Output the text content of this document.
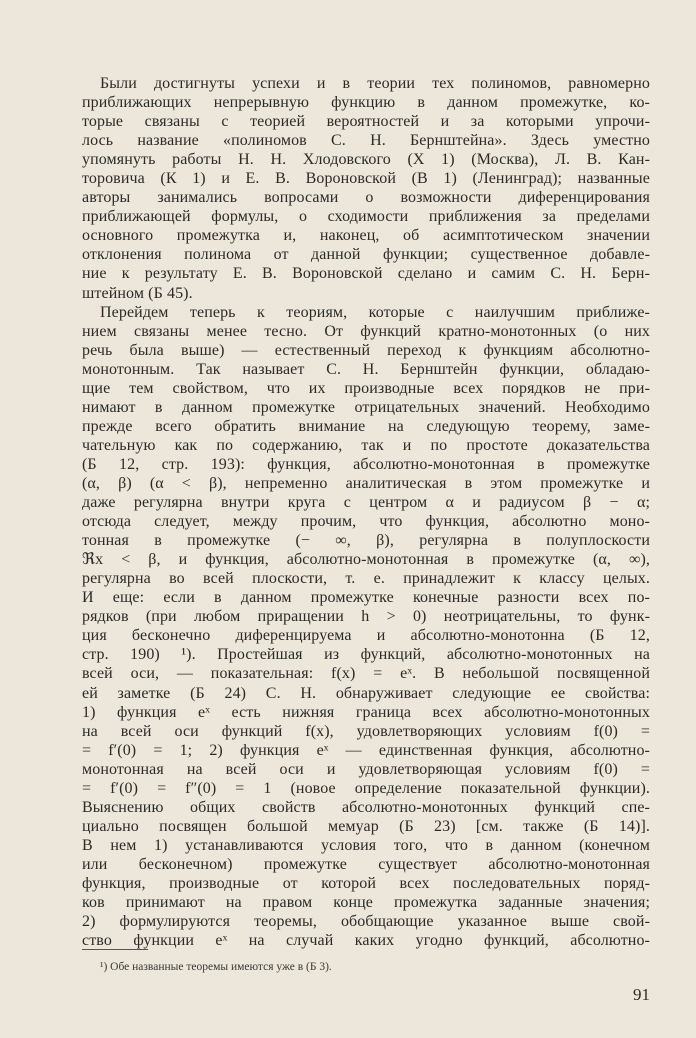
Были достигнуты успехи и в теории тех полиномов, равномерно
приближающих непрерывную функцию в данном промежутке, ко-
торые связаны с теорией вероятностей и за которыми упрочи-
лось название «полиномов С. Н. Бернштейна». Здесь уместно
упомянуть работы Н. Н. Хлодовского (Х 1) (Москва), Л. В. Кан-
торовича (К 1) и Е. В. Вороновской (В 1) (Ленинград); названные
авторы занимались вопросами о возможности диференцирования
приближающей формулы, о сходимости приближения за пределами
основного промежутка и, наконец, об асимптотическом значении
отклонения полинома от данной функции; существенное добавле-
ние к результату Е. В. Вороновской сделано и самим С. Н. Берн-
штейном (Б 45).
Перейдем теперь к теориям, которые с наилучшим приближе-
нием связаны менее тесно. От функций кратно-монотонных (о них
речь была выше) — естественный переход к функциям абсолютно-
монотонным. Так называет С. Н. Бернштейн функции, обладаю-
щие тем свойством, что их производные всех порядков не при-
нимают в данном промежутке отрицательных значений. Необходимо
прежде всего обратить внимание на следующую теорему, заме-
чательную как по содержанию, так и по простоте доказательства
(Б 12, стр. 193): функция, абсолютно-монотонная в промежутке
(α, β) (α < β), непременно аналитическая в этом промежутке и
даже регулярна внутри круга с центром α и радиусом β − α;
отсюда следует, между прочим, что функция, абсолютно моно-
тонная в промежутке (− ∞, β), регулярна в полуплоскости
ℜx < β, и функция, абсолютно-монотонная в промежутке (α, ∞),
регулярна во всей плоскости, т. е. принадлежит к классу целых.
И еще: если в данном промежутке конечные разности всех по-
рядков (при любом приращении h > 0) неотрицательны, то функ-
ция бесконечно диференцируема и абсолютно-монотонна (Б 12,
стр. 190) ¹). Простейшая из функций, абсолютно-монотонных на
всей оси, — показательная: f(x) = eˣ. В небольшой посвященной
ей заметке (Б 24) С. Н. обнаруживает следующие ее свойства:
1) функция eˣ есть нижняя граница всех абсолютно-монотонных
на всей оси функций f(x), удовлетворяющих условиям f(0) =
= f′(0) = 1; 2) функция eˣ — единственная функция, абсолютно-
монотонная на всей оси и удовлетворяющая условиям f(0) =
= f′(0) = f″(0) = 1 (новое определение показательной функции).
Выяснению общих свойств абсолютно-монотонных функций спе-
циально посвящен большой мемуар (Б 23) [см. также (Б 14)].
В нем 1) устанавливаются условия того, что в данном (конечном
или бесконечном) промежутке существует абсолютно-монотонная
функция, производные от которой всех последовательных поряд-
ков принимают на правом конце промежутка заданные значения;
2) формулируются теоремы, обобщающие указанное выше свой-
ство функции eˣ на случай каких угодно функций, абсолютно-
¹) Обе названные теоремы имеются уже в (Б 3).
91
